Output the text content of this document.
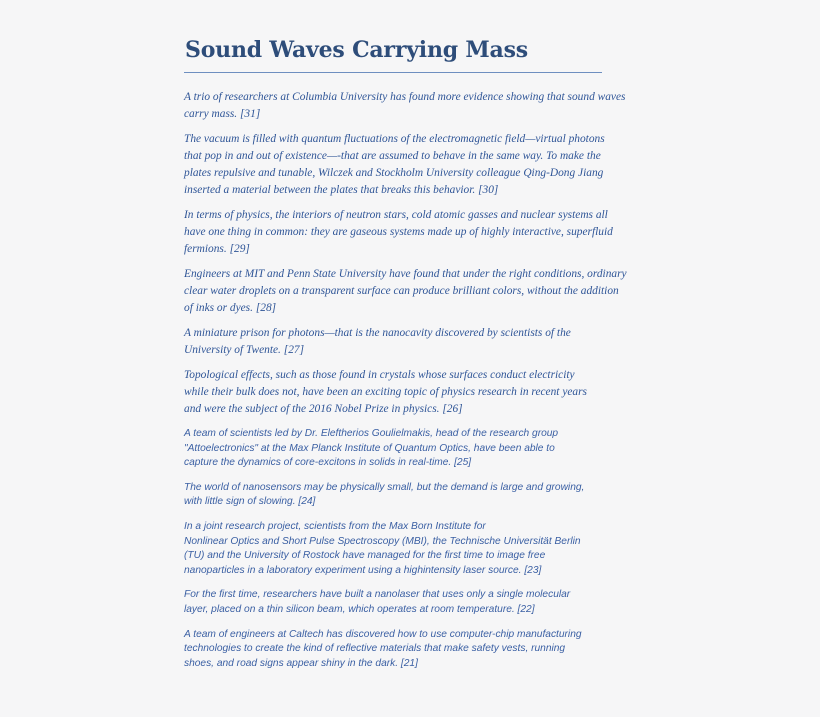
Sound Waves Carrying Mass

A trio of researchers at Columbia University has found more evidence showing that sound waves
carry mass. [31]

The vacuum is filled with quantum fluctuations of the electromagnetic field—virtual photons
that pop in and out of existence—-that are assumed to behave in the same way. To make the
plates repulsive and tunable, Wilczek and Stockholm University colleague Qing-Dong Jiang
inserted a material between the plates that breaks this behavior. [30]

In terms of physics, the interiors of neutron stars, cold atomic gasses and nuclear systems all
have one thing in common: they are gaseous systems made up of highly interactive, superfluid
fermions. [29]

Engineers at MIT and Penn State University have found that under the right conditions, ordinary
clear water droplets on a transparent surface can produce brilliant colors, without the addition
of inks or dyes. [28]

A miniature prison for photons—that is the nanocavity discovered by scientists of the
University of Twente. [27]

Topological effects, such as those found in crystals whose surfaces conduct electricity
while their bulk does not, have been an exciting topic of physics research in recent years
and were the subject of the 2016 Nobel Prize in physics. [26]

A team of scientists led by Dr. Eleftherios Goulielmakis, head of the research group
"Attoelectronics" at the Max Planck Institute of Quantum Optics, have been able to
capture the dynamics of core-excitons in solids in real-time. [25]

The world of nanosensors may be physically small, but the demand is large and growing,
with little sign of slowing. [24]

In a joint research project, scientists from the Max Born Institute for
Nonlinear Optics and Short Pulse Spectroscopy (MBI), the Technische Universität Berlin
(TU) and the University of Rostock have managed for the first time to image free
nanoparticles in a laboratory experiment using a highintensity laser source. [23]

For the first time, researchers have built a nanolaser that uses only a single molecular
layer, placed on a thin silicon beam, which operates at room temperature. [22]

A team of engineers at Caltech has discovered how to use computer-chip manufacturing
technologies to create the kind of reflective materials that make safety vests, running
shoes, and road signs appear shiny in the dark. [21]
